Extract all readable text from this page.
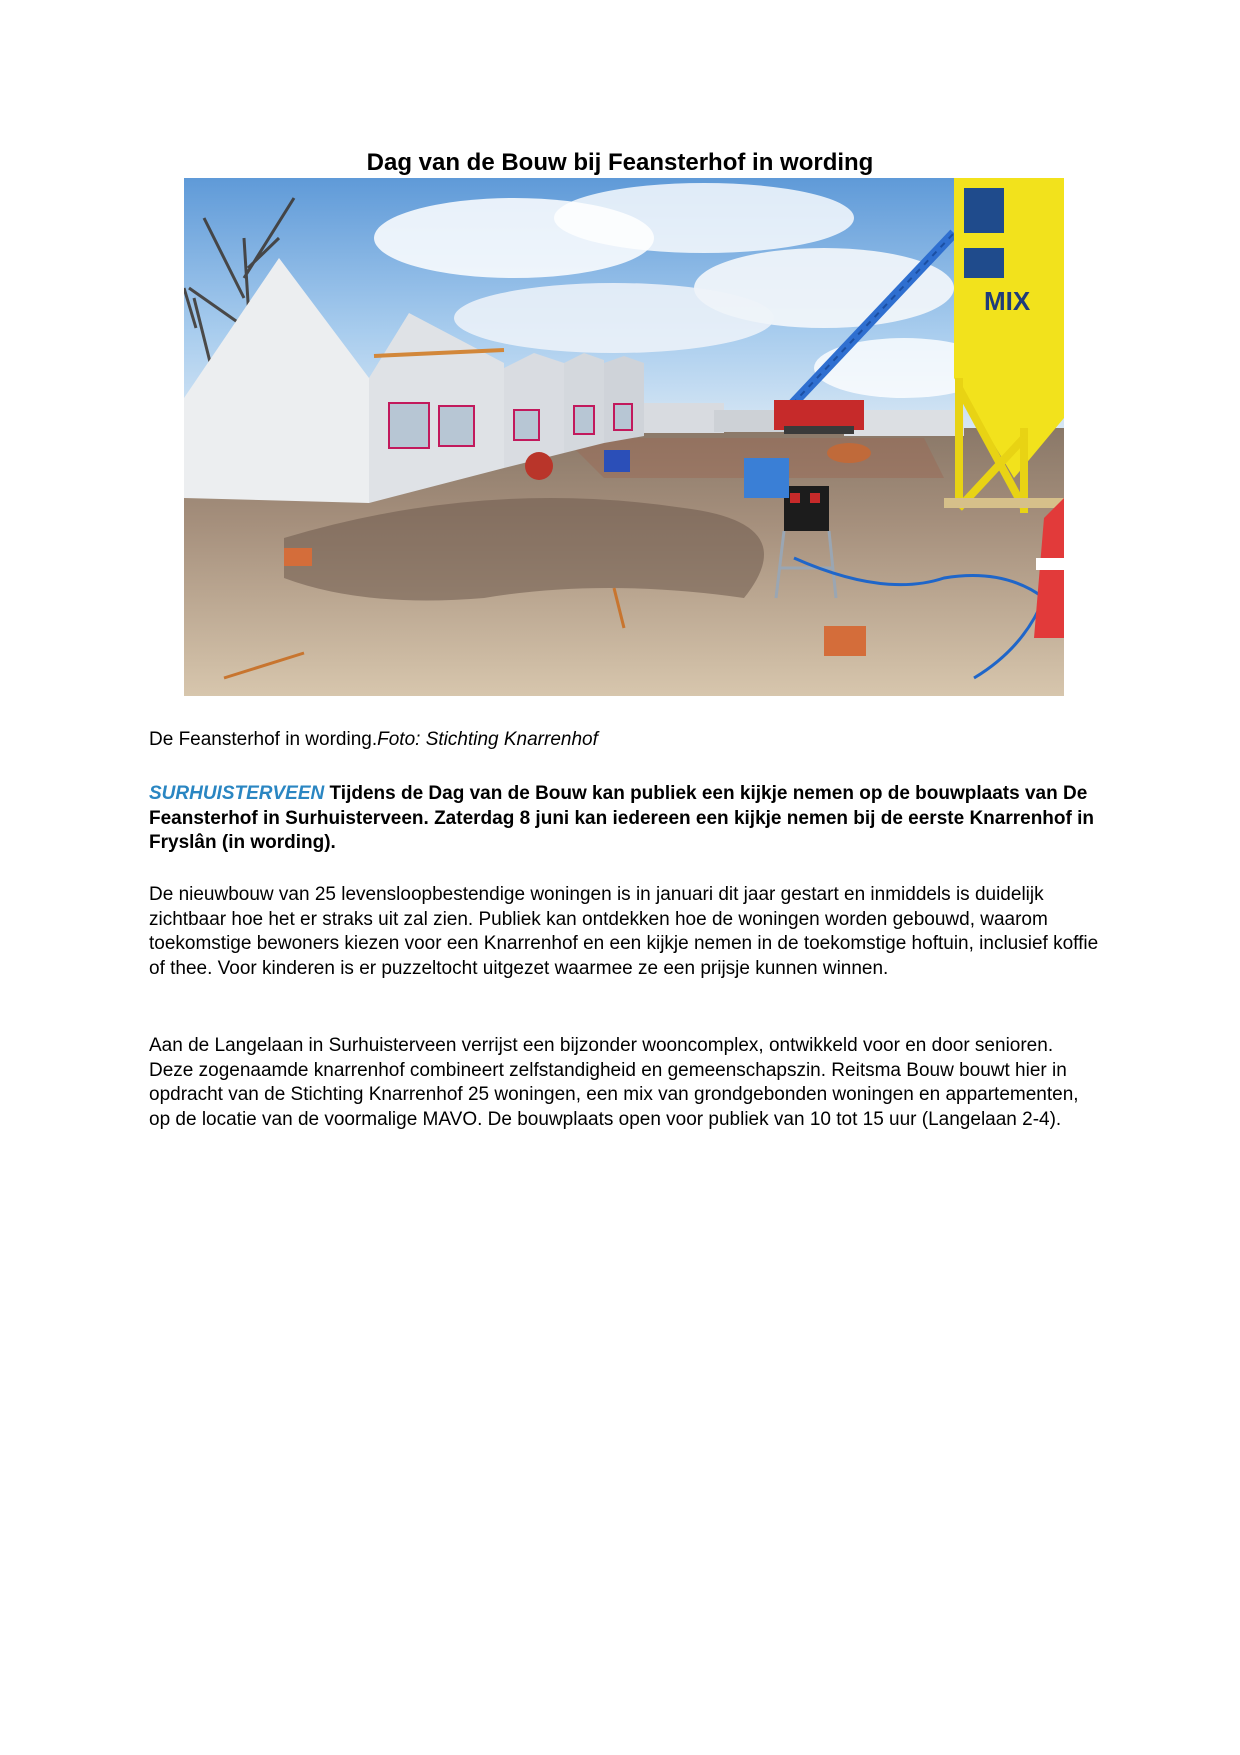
Dag van de Bouw bij Feansterhof in wording
MIX

De Feansterhof in wording.Foto: Stichting Knarrenhof

SURHUISTERVEEN Tijdens de Dag van de Bouw kan publiek een kijkje nemen op de bouwplaats van De Feansterhof in Surhuisterveen. Zaterdag 8 juni kan iedereen een kijkje nemen bij de eerste Knarrenhof in Fryslân (in wording).

De nieuwbouw van 25 levensloopbestendige woningen is in januari dit jaar gestart en inmiddels is duidelijk zichtbaar hoe het er straks uit zal zien. Publiek kan ontdekken hoe de woningen worden gebouwd, waarom toekomstige bewoners kiezen voor een Knarrenhof en een kijkje nemen in de toekomstige hoftuin, inclusief koffie of thee. Voor kinderen is er puzzeltocht uitgezet waarmee ze een prijsje kunnen winnen.

Aan de Langelaan in Surhuisterveen verrijst een bijzonder wooncomplex, ontwikkeld voor en door senioren. Deze zogenaamde knarrenhof combineert zelfstandigheid en gemeenschapszin. Reitsma Bouw bouwt hier in opdracht van de Stichting Knarrenhof 25 woningen, een mix van grondgebonden woningen en appartementen, op de locatie van de voormalige MAVO. De bouwplaats open voor publiek van 10 tot 15 uur (Langelaan 2-4).
